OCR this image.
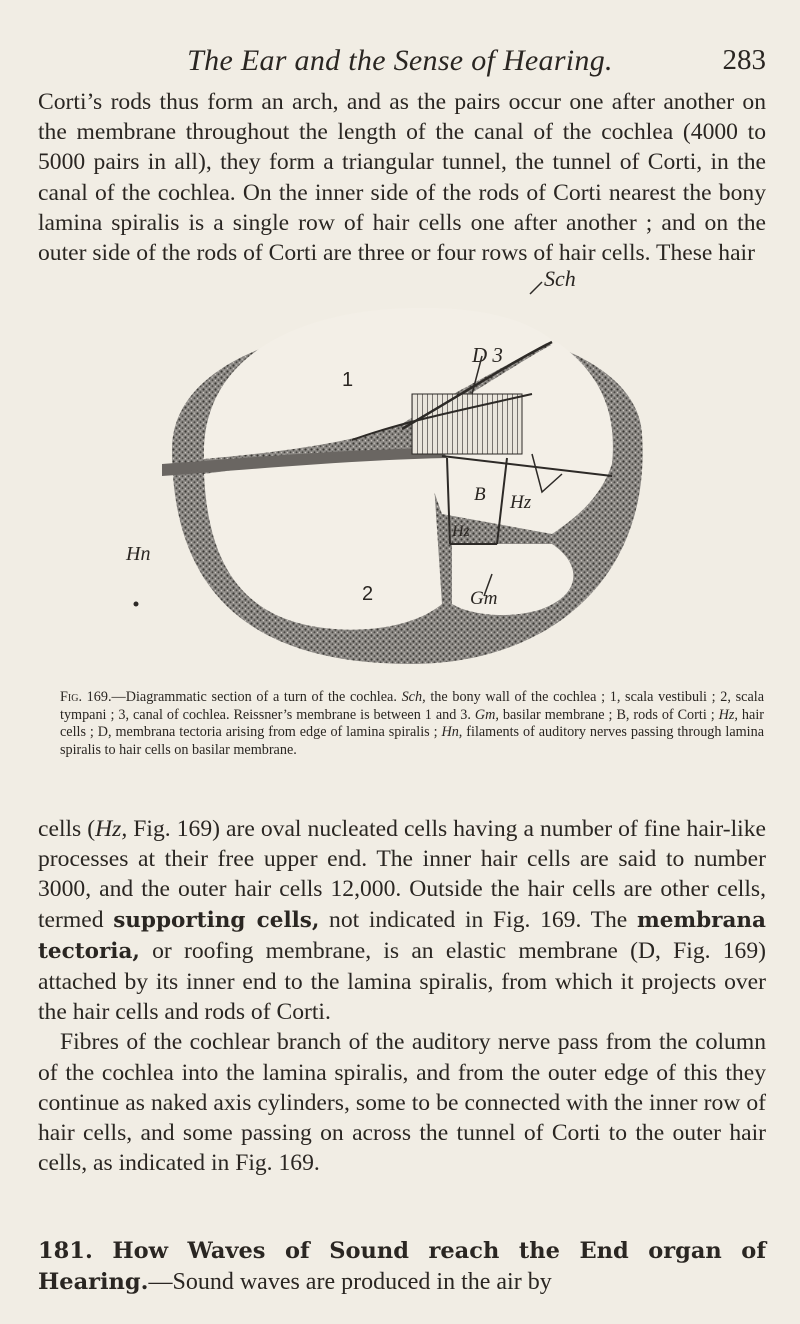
The Ear and the Sense of Hearing.	283

Corti’s rods thus form an arch, and as the pairs occur one after another on the membrane throughout the length of the canal of the cochlea (4000 to 5000 pairs in all), they form a triangular tunnel, the tunnel of Corti, in the canal of the cochlea. On the inner side of the rods of Corti nearest the bony lamina spiralis is a single row of hair cells one after another ; and on the outer side of the rods of Corti are three or four rows of hair cells. These hair

Sch
1
D 3
Hn
B
Hz
Hz
2	Gm
Fig. 169.—Diagrammatic section of a turn of the cochlea. Sch, the bony wall of the cochlea ; 1, scala vestibuli ; 2, scala tympani ; 3, canal of cochlea. Reissner’s membrane is between 1 and 3. Gm, basilar membrane ; B, rods of Corti ; Hz, hair cells ; D, membrana tectoria arising from edge of lamina spiralis ; Hn, filaments of auditory nerves passing through lamina spiralis to hair cells on basilar membrane.

cells (Hz, Fig. 169) are oval nucleated cells having a number of fine hair-like processes at their free upper end. The inner hair cells are said to number 3000, and the outer hair cells 12,000. Outside the hair cells are other cells, termed supporting cells, not indicated in Fig. 169. The membrana tectoria, or roofing membrane, is an elastic membrane (D, Fig. 169) attached by its inner end to the lamina spiralis, from which it projects over the hair cells and rods of Corti.

Fibres of the cochlear branch of the auditory nerve pass from the column of the cochlea into the lamina spiralis, and from the outer edge of this they continue as naked axis cylinders, some to be connected with the inner row of hair cells, and some passing on across the tunnel of Corti to the outer hair cells, as indicated in Fig. 169.

181. How Waves of Sound reach the End organ of Hearing.—Sound waves are produced in the air by
